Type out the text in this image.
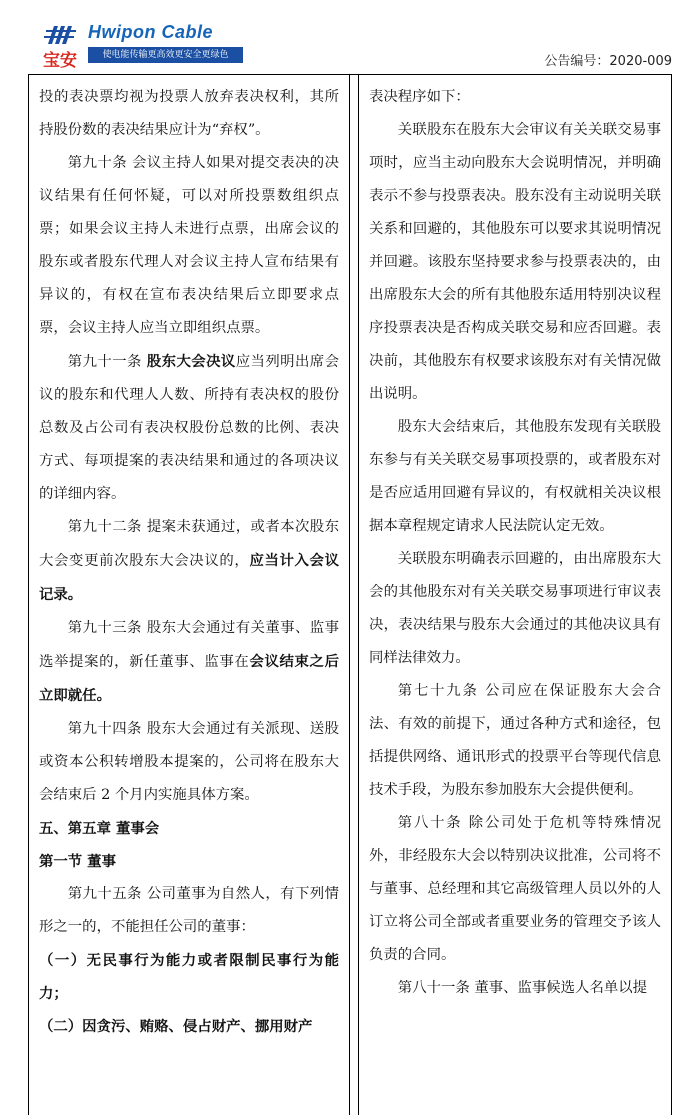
宝安
Hwipon Cable
使电能传输更高效更安全更绿色	公告编号：2020-009

投的表决票均视为投票人放弃表决权利，其所持股份数的表决结果应计为“弃权”。

第九十条 会议主持人如果对提交表决的决议结果有任何怀疑，可以对所投票数组织点票；如果会议主持人未进行点票，出席会议的股东或者股东代理人对会议主持人宣布结果有异议的，有权在宣布表决结果后立即要求点票，会议主持人应当立即组织点票。

第九十一条 股东大会决议应当列明出席会议的股东和代理人人数、所持有表决权的股份总数及占公司有表决权股份总数的比例、表决方式、每项提案的表决结果和通过的各项决议的详细内容。

第九十二条 提案未获通过，或者本次股东大会变更前次股东大会决议的，应当计入会议记录。

第九十三条 股东大会通过有关董事、监事选举提案的，新任董事、监事在会议结束之后立即就任。

第九十四条 股东大会通过有关派现、送股或资本公积转增股本提案的，公司将在股东大会结束后 2 个月内实施具体方案。

五、第五章 董事会

第一节 董事

第九十五条 公司董事为自然人，有下列情形之一的，不能担任公司的董事：

（一）无民事行为能力或者限制民事行为能力；

（二）因贪污、贿赂、侵占财产、挪用财产

表决程序如下：

关联股东在股东大会审议有关关联交易事项时，应当主动向股东大会说明情况，并明确表示不参与投票表决。股东没有主动说明关联关系和回避的，其他股东可以要求其说明情况并回避。该股东坚持要求参与投票表决的，由出席股东大会的所有其他股东适用特别决议程序投票表决是否构成关联交易和应否回避。表决前，其他股东有权要求该股东对有关情况做出说明。

股东大会结束后，其他股东发现有关联股东参与有关关联交易事项投票的，或者股东对是否应适用回避有异议的，有权就相关决议根据本章程规定请求人民法院认定无效。

关联股东明确表示回避的，由出席股东大会的其他股东对有关关联交易事项进行审议表决，表决结果与股东大会通过的其他决议具有同样法律效力。

第七十九条 公司应在保证股东大会合法、有效的前提下，通过各种方式和途径，包括提供网络、通讯形式的投票平台等现代信息技术手段，为股东参加股东大会提供便利。

第八十条 除公司处于危机等特殊情况外，非经股东大会以特别决议批准，公司将不与董事、总经理和其它高级管理人员以外的人订立将公司全部或者重要业务的管理交予该人负责的合同。

第八十一条 董事、监事候选人名单以提
